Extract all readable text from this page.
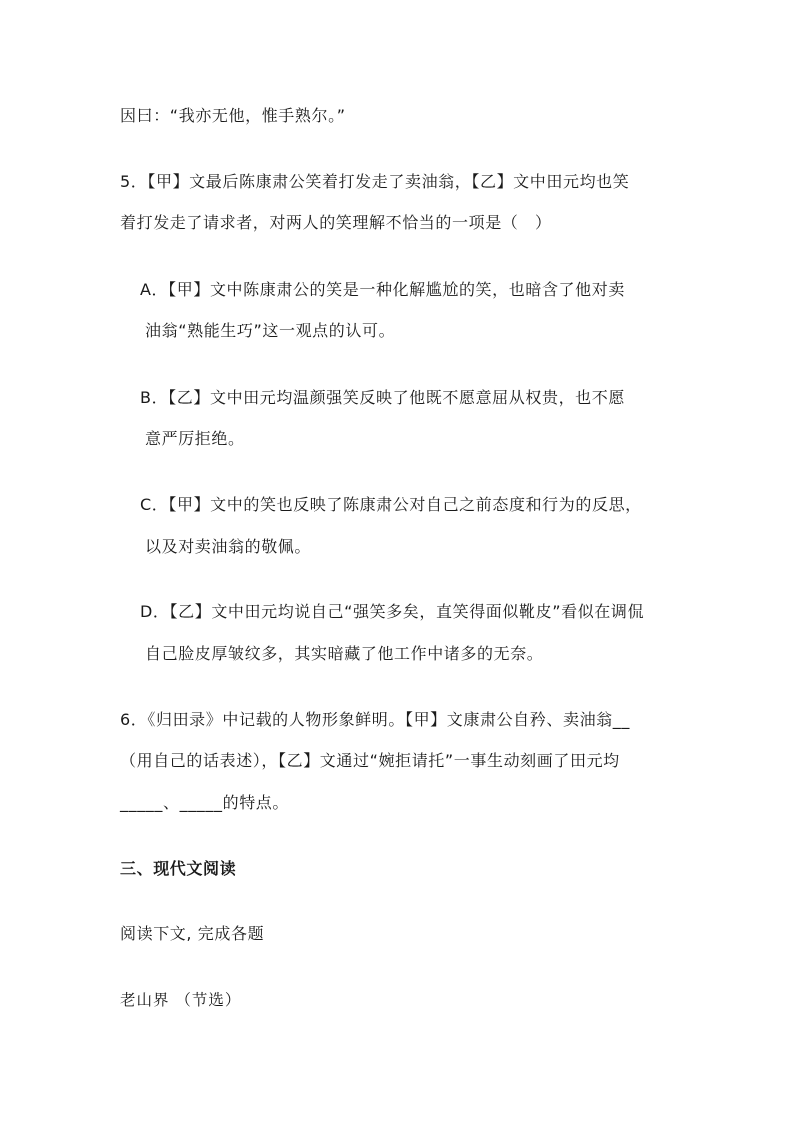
因曰：“我亦无他，惟手熟尔。”
5．【甲】文最后陈康肃公笑着打发走了卖油翁，【乙】文中田元均也笑
着打发走了请求者，对两人的笑理解不恰当的一项是（　）
A．【甲】文中陈康肃公的笑是一种化解尴尬的笑，也暗含了他对卖
油翁“熟能生巧”这一观点的认可。
B．【乙】文中田元均温颜强笑反映了他既不愿意屈从权贵，也不愿
意严厉拒绝。
C．【甲】文中的笑也反映了陈康肃公对自己之前态度和行为的反思，
以及对卖油翁的敬佩。
D．【乙】文中田元均说自己“强笑多矣，直笑得面似靴皮”看似在调侃
自己脸皮厚皱纹多，其实暗藏了他工作中诸多的无奈。
6．《归田录》中记载的人物形象鲜明。【甲】文康肃公自矜、卖油翁__
（用自己的话表述），【乙】文通过“婉拒请托”一事生动刻画了田元均
_____、_____的特点。
三、现代文阅读
阅读下文, 完成各题
老山界 （节选）
